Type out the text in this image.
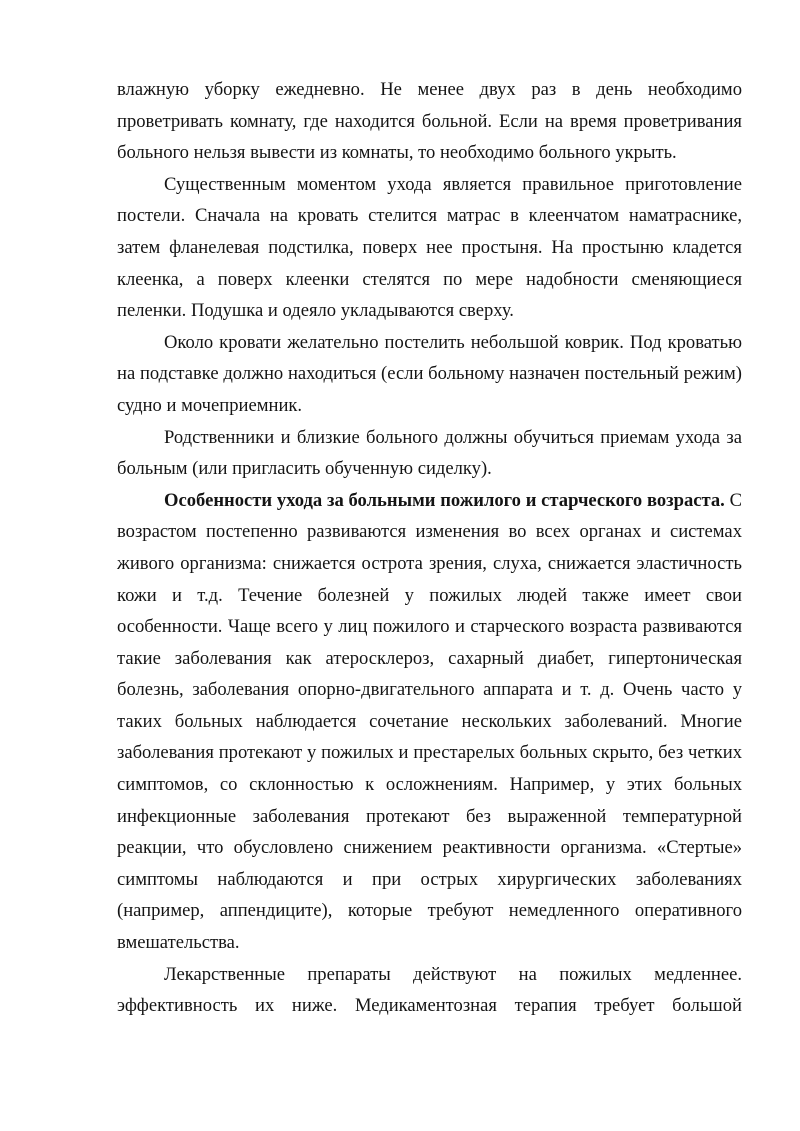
влажную уборку ежедневно. Не менее двух раз в день необходимо проветривать комнату, где находится больной. Если на время проветривания больного нельзя вывести из комнаты, то необходимо больного укрыть.

Существенным моментом ухода является правильное приготовление постели. Сначала на кровать стелится матрас в клеенчатом наматраснике, затем фланелевая подстилка, поверх нее простыня. На простыню кладется клеенка, а поверх клеенки стелятся по мере надобности сменяющиеся пеленки. Подушка и одеяло укладываются сверху.

Около кровати желательно постелить небольшой коврик. Под кроватью на подставке должно находиться (если больному назначен постельный режим) судно и мочеприемник.

Родственники и близкие больного должны обучиться приемам ухода за больным (или пригласить обученную сиделку).

Особенности ухода за больными пожилого и старческого возраста. С возрастом постепенно развиваются изменения во всех органах и системах живого организма: снижается острота зрения, слуха, снижается эластичность кожи и т.д. Течение болезней у пожилых людей также имеет свои особенности. Чаще всего у лиц пожилого и старческого возраста развиваются такие заболевания как атеросклероз, сахарный диабет, гипертоническая болезнь, заболевания опорно-двигательного аппарата и т. д. Очень часто у таких больных наблюдается сочетание нескольких заболеваний. Многие заболевания протекают у пожилых и престарелых больных скрыто, без четких симптомов, со склонностью к осложнениям. Например, у этих больных инфекционные заболевания протекают без выраженной температурной реакции, что обусловлено снижением реактивности организма. «Стертые» симптомы наблюдаются и при острых хирургических заболеваниях (например, аппендиците), которые требуют немедленного оперативного вмешательства.

Лекарственные препараты действуют на пожилых медленнее. эффективность их ниже. Медикаментозная терапия требует большой
